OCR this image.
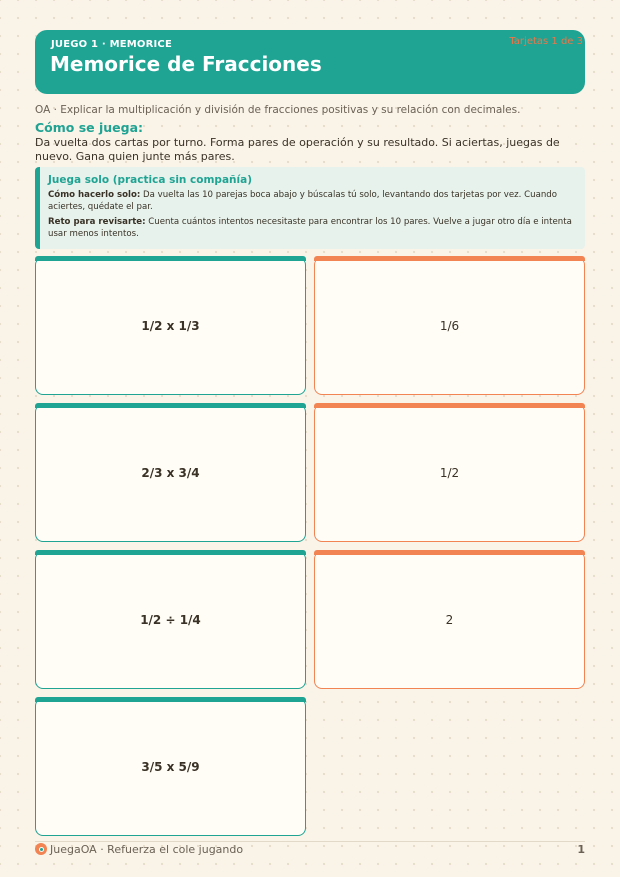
JUEGO 1 · MEMORICE
Memorice de Fracciones
Tarjetas 1 de 3
OA · Explicar la multiplicación y división de fracciones positivas y su relación con decimales.
Cómo se juega:
Da vuelta dos cartas por turno. Forma pares de operación y su resultado. Si aciertas, juegas de nuevo. Gana quien junte más pares.
Juega solo (practica sin compañía)
Cómo hacerlo solo: Da vuelta las 10 parejas boca abajo y búscalas tú solo, levantando dos tarjetas por vez. Cuando aciertes, quédate el par.
Reto para revisarte: Cuenta cuántos intentos necesitaste para encontrar los 10 pares. Vuelve a jugar otro día e intenta usar menos intentos.
1/2 x 1/3	1/6
2/3 x 3/4	1/2
1/2 ÷ 1/4	2
3/5 x 5/9
JuegaOA · Refuerza el cole jugando	1
